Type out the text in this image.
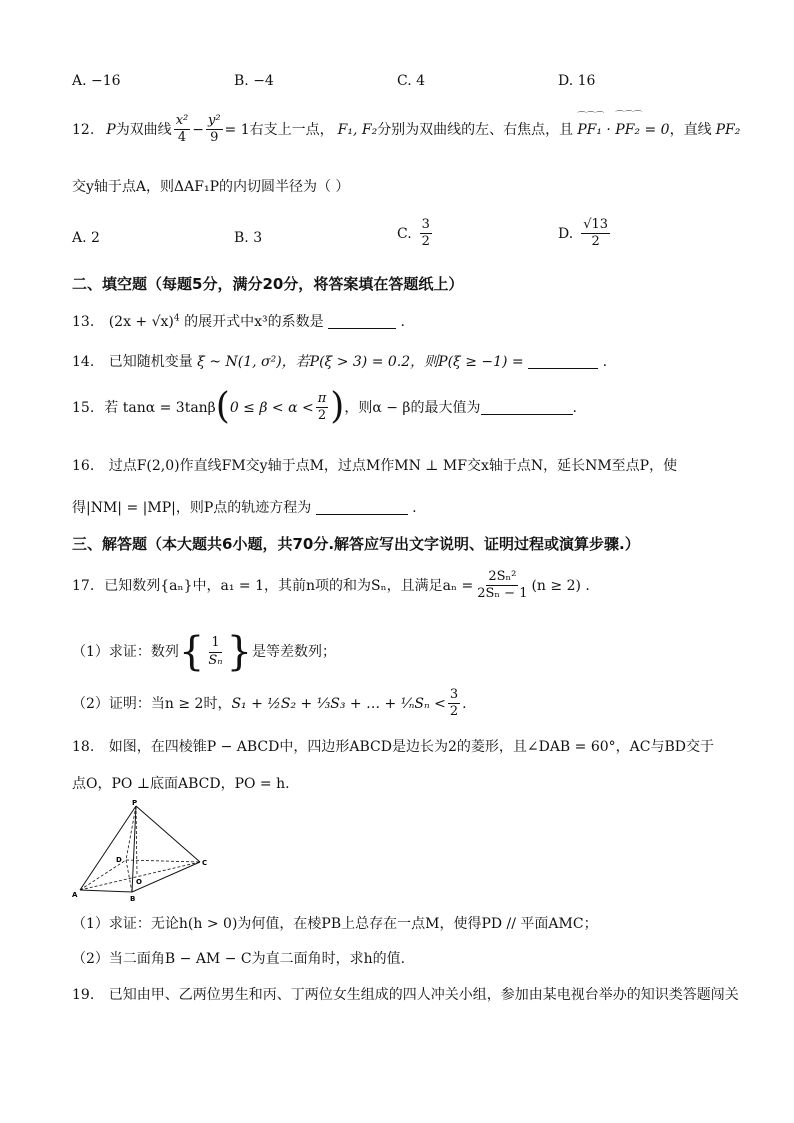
A. −16	B. −4	C. 4	D. 16
12. P 为双曲线 $\frac{\text{x²}}{4} - \frac{\text{y²}}{9} = 1$ 右支上一点， F₁, F₂ 分别为双曲线的左、右焦点，且
⌒⌒⌒
PF₁ ·
⌒⌒⌒
PF₂ = 0 ，直线 PF₂
交y轴于点A，则ΔAF₁P的内切圆半径为（ ）
A. 2	B. 3	C. $\frac{3}{2}$	D. $\frac{√13}{2}$
二、填空题（每题5分，满分20分，将答案填在答题纸上）
13. $(2x + √x)^4$ 的展开式中x³的系数是	.
14. 已知随机变量 ξ ~ N(1, σ²)，若P(ξ > 3) = 0.2，则P(ξ ≥ −1) =	.
15. 若 tanα = 3tanβ ( $0 \le \beta < \alpha < \frac{\pi}{2}$ ) ，则α − β的最大值为	.
16. 过点F(2,0)作直线FM交y轴于点M，过点M作MN ⊥ MF交x轴于点N，延长NM至点P，使
得|NM| = |MP|，则P点的轨迹方程为	.
三、解答题（本大题共6小题，共70分.解答应写出文字说明、证明过程或演算步骤.）
17. 已知数列{aₙ}中，a₁ = 1，其前n项的和为Sₙ，且满足$a_n = \frac{\text{2Sₙ²}}{\text{2Sₙ − 1}} (n \ge 2)$ .
（1）求证：数列 { $\frac{1}{\text{Sₙ}}$ } 是等差数列；
（2）证明：当n ≥ 2时， S₁ + ½S₂ + ⅓S₃ + … + ¹⁄ₙSₙ < $\frac{3}{2}$ .
18. 如图，在四棱锥P − ABCD中，四边形ABCD是边长为2的菱形，且∠DAB = 60°，AC与BD交于
点O，PO ⊥底面ABCD，PO = h.
P
A	B
C
D
O
（1）求证：无论h(h > 0)为何值，在棱PB上总存在一点M，使得PD // 平面AMC；
（2）当二面角B − AM − C为直二面角时，求h的值.
19. 已知由甲、乙两位男生和丙、丁两位女生组成的四人冲关小组，参加由某电视台举办的知识类答题闯关
